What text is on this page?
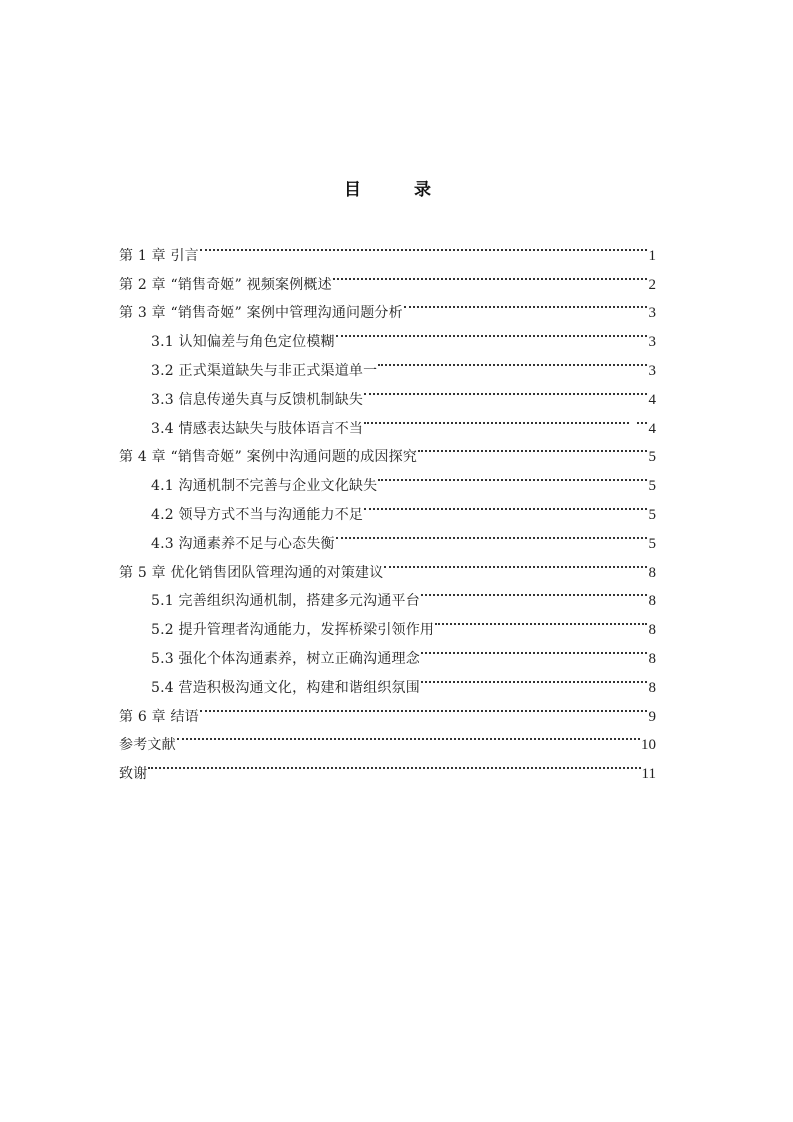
目　录
第 1 章 引言	1
第 2 章 “销售奇姬” 视频案例概述	2
第 3 章 “销售奇姬” 案例中管理沟通问题分析	3
3.1 认知偏差与角色定位模糊	3
3.2 正式渠道缺失与非正式渠道单一	3
3.3 信息传递失真与反馈机制缺失	4
3.4 情感表达缺失与肢体语言不当	4
第 4 章 “销售奇姬” 案例中沟通问题的成因探究	5
4.1 沟通机制不完善与企业文化缺失	5
4.2 领导方式不当与沟通能力不足	5
4.3 沟通素养不足与心态失衡	5
第 5 章 优化销售团队管理沟通的对策建议	8
5.1 完善组织沟通机制，搭建多元沟通平台	8
5.2 提升管理者沟通能力，发挥桥梁引领作用	8
5.3 强化个体沟通素养，树立正确沟通理念	8
5.4 营造积极沟通文化，构建和谐组织氛围	8
第 6 章 结语	9
参考文献	10
致谢	11
